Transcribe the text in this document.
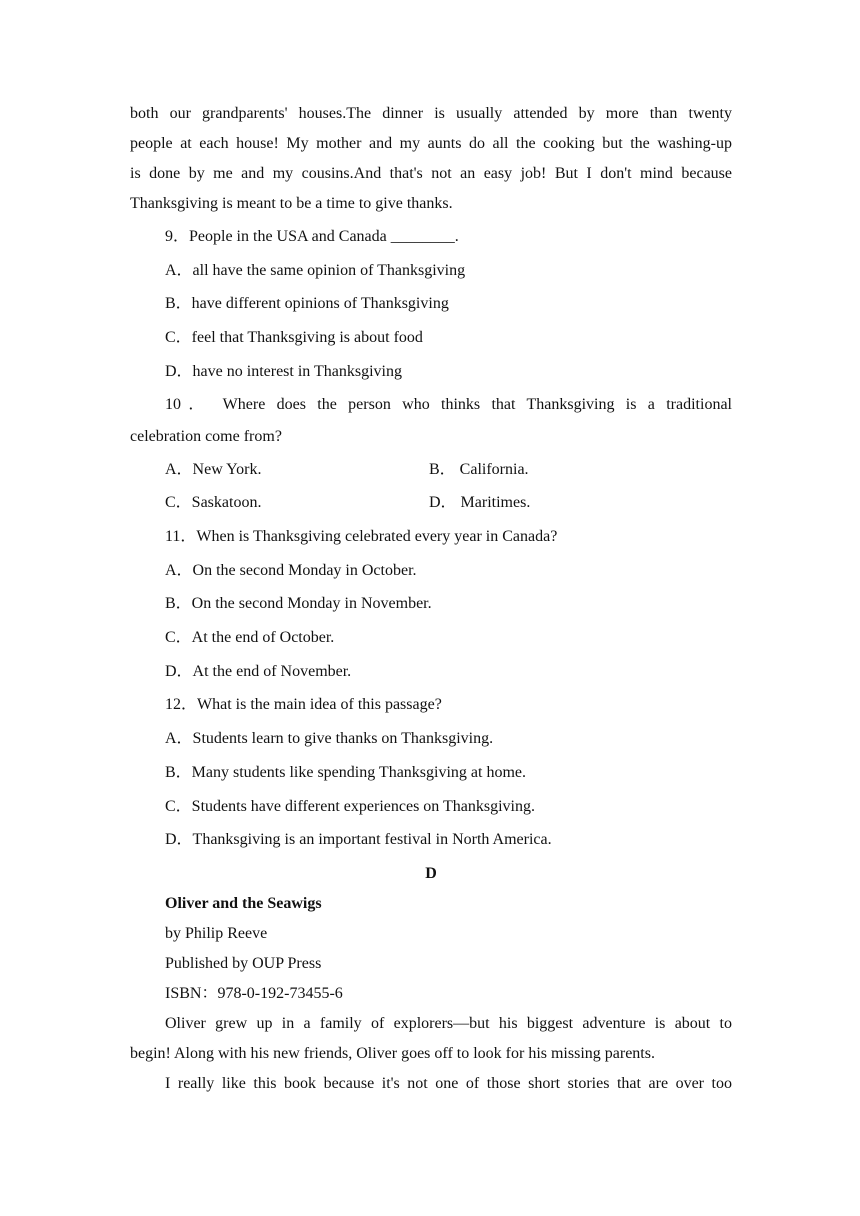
both our grandparents' houses.The dinner is usually attended by more than twenty
people at each house! My mother and my aunts do all the cooking but the washing-up
is done by me and my cousins.And that's not an easy job! But I don't mind because
Thanksgiving is meant to be a time to give thanks.

9．People in the USA and Canada ________.

A．all have the same opinion of Thanksgiving

B．have different opinions of Thanksgiving

C．feel that Thanksgiving is about food

D．have no interest in Thanksgiving

10． Where does the person who thinks that Thanksgiving is a traditional
celebration come from?

A．New York.	B． California.

C．Saskatoon.	D． Maritimes.

11．When is Thanksgiving celebrated every year in Canada?

A．On the second Monday in October.

B．On the second Monday in November.

C．At the end of October.

D．At the end of November.

12．What is the main idea of this passage?

A．Students learn to give thanks on Thanksgiving.

B．Many students like spending Thanksgiving at home.

C．Students have different experiences on Thanksgiving.

D．Thanksgiving is an important festival in North America.

D

Oliver and the Seawigs

by Philip Reeve

Published by OUP Press

ISBN：978-0-192-73455-6

Oliver grew up in a family of explorers—but his biggest adventure is about to
begin! Along with his new friends, Oliver goes off to look for his missing parents.
I really like this book because it's not one of those short stories that are over too
